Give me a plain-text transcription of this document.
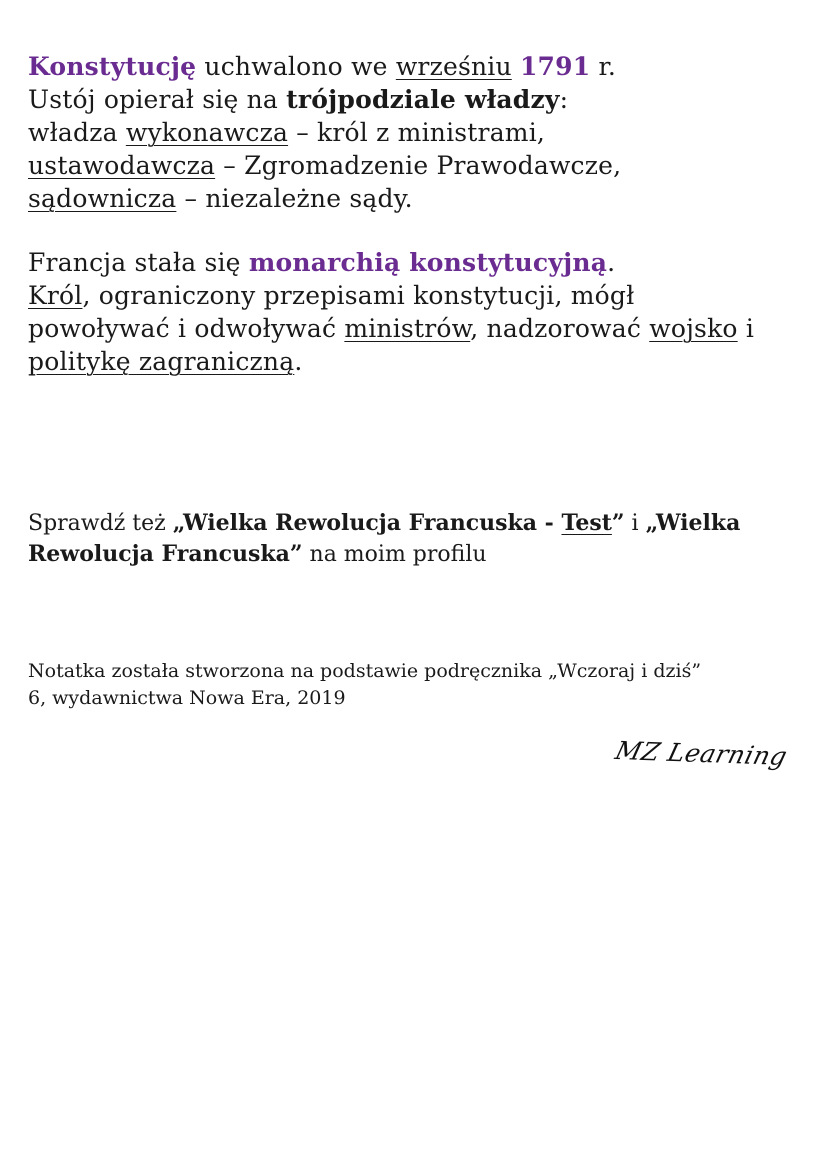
Konstytucję uchwalono we wrześniu 1791 r.
Ustój opierał się na trójpodziale władzy:
władza wykonawcza – król z ministrami,
ustawodawcza – Zgromadzenie Prawodawcze,
sądownicza – niezależne sądy.

Francja stała się monarchią konstytucyjną.
Król, ograniczony przepisami konstytucji, mógł
powoływać i odwoływać ministrów, nadzorować wojsko i
politykę zagraniczną.

Sprawdź też „Wielka Rewolucja Francuska - Test” i „Wielka
Rewolucja Francuska” na moim profilu

Notatka została stworzona na podstawie podręcznika „Wczoraj i dziś”
6, wydawnictwa Nowa Era, 2019

MZ Learning
